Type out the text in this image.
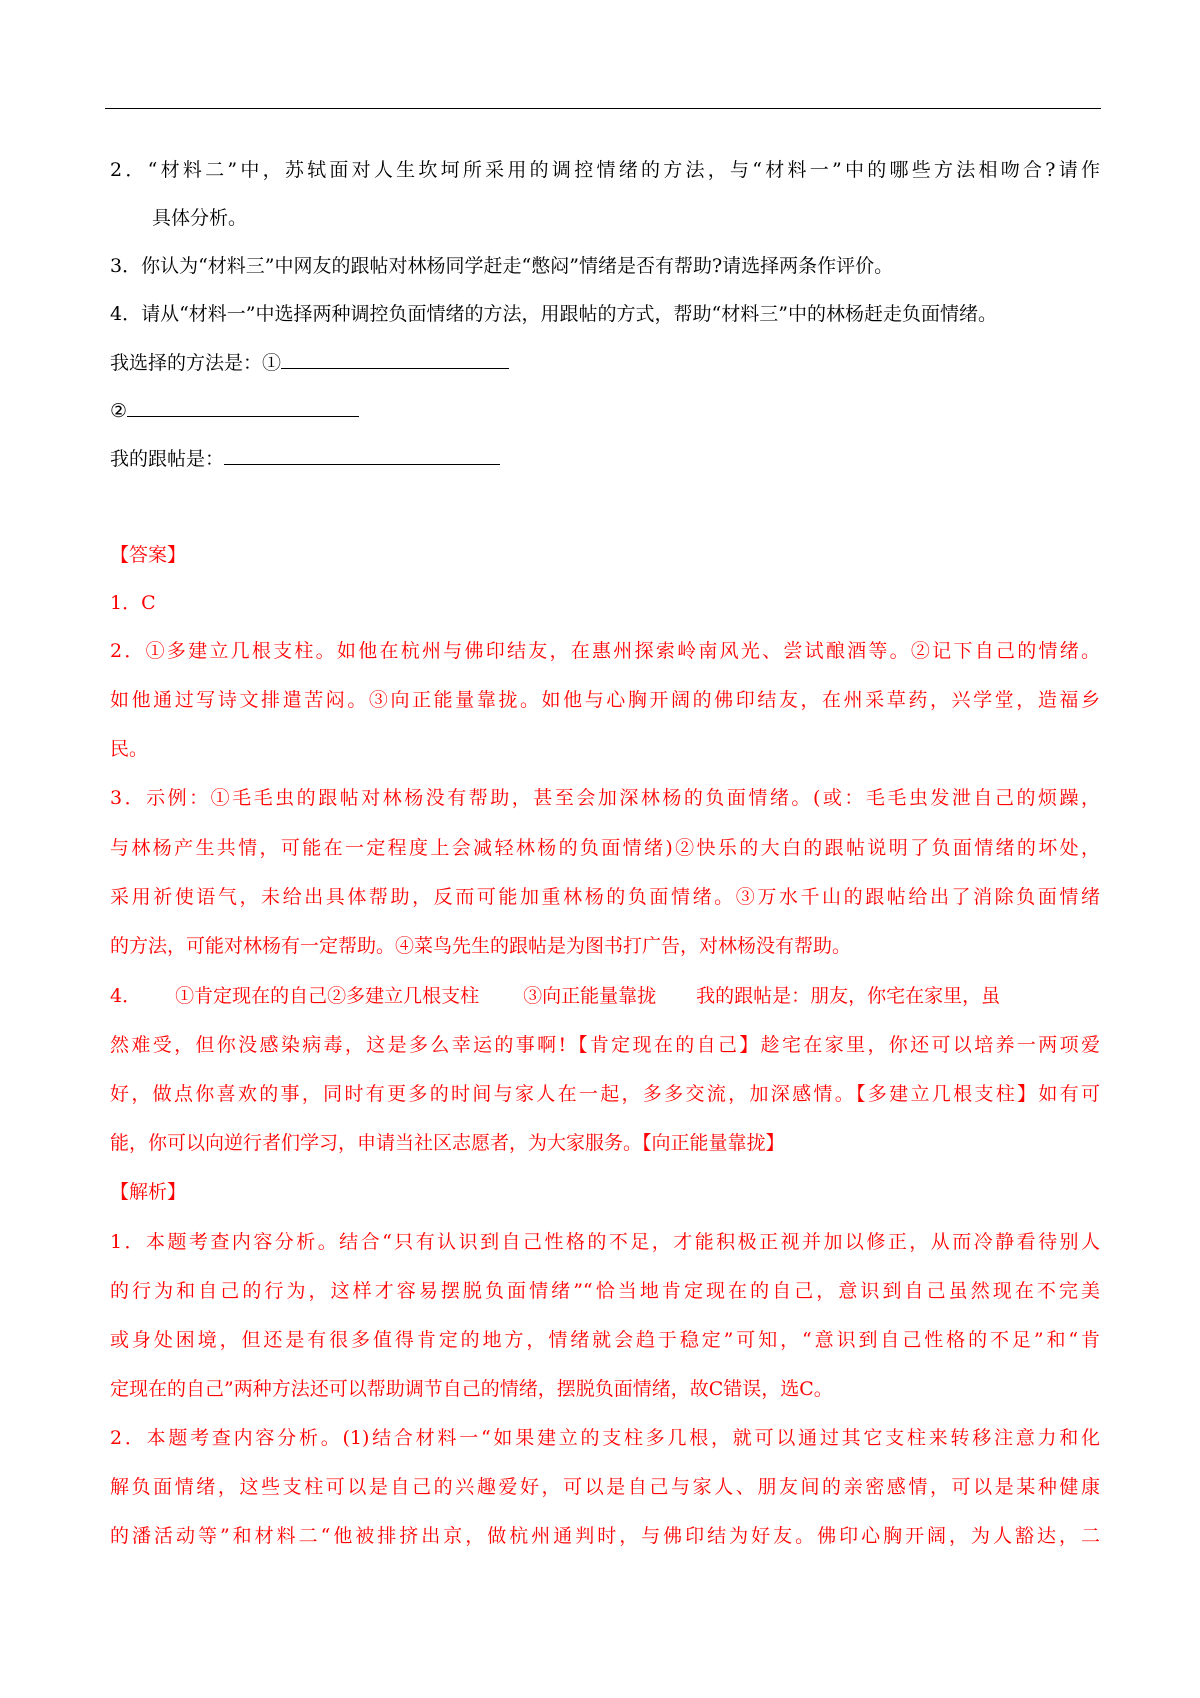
2．“材料二”中，苏轼面对人生坎坷所采用的调控情绪的方法，与“材料一”中的哪些方法相吻合?请作
具体分析。
3．你认为“材料三”中网友的跟帖对林杨同学赶走“憋闷”情绪是否有帮助?请选择两条作评价。
4．请从“材料一”中选择两种调控负面情绪的方法，用跟帖的方式，帮助“材料三”中的林杨赶走负面情绪。
我选择的方法是：①
②
我的跟帖是：
【答案】
1．C
2．①多建立几根支柱。如他在杭州与佛印结友，在惠州探索岭南风光、尝试酿酒等。②记下自己的情绪。
如他通过写诗文排遣苦闷。③向正能量靠拢。如他与心胸开阔的佛印结友，在州采草药，兴学堂，造福乡
民。
3．示例：①毛毛虫的跟帖对林杨没有帮助，甚至会加深林杨的负面情绪。(或：毛毛虫发泄自己的烦躁，
与林杨产生共情，可能在一定程度上会减轻林杨的负面情绪)②快乐的大白的跟帖说明了负面情绪的坏处，
采用祈使语气，未给出具体帮助，反而可能加重林杨的负面情绪。③万水千山的跟帖给出了消除负面情绪
的方法，可能对林杨有一定帮助。④菜鸟先生的跟帖是为图书打广告，对林杨没有帮助。
4． ①肯定现在的自己②多建立几根支柱 ③向正能量靠拢 我的跟帖是：朋友，你宅在家里，虽
然难受，但你没感染病毒，这是多么幸运的事啊!【肯定现在的自己】趁宅在家里，你还可以培养一两项爱
好，做点你喜欢的事，同时有更多的时间与家人在一起，多多交流，加深感情。【多建立几根支柱】如有可
能，你可以向逆行者们学习，申请当社区志愿者，为大家服务。【向正能量靠拢】
【解析】
1．本题考查内容分析。结合“只有认识到自己性格的不足，才能积极正视并加以修正，从而冷静看待别人
的行为和自己的行为，这样才容易摆脱负面情绪”“恰当地肯定现在的自己，意识到自己虽然现在不完美
或身处困境，但还是有很多值得肯定的地方，情绪就会趋于稳定”可知，“意识到自己性格的不足”和“肯
定现在的自己”两种方法还可以帮助调节自己的情绪，摆脱负面情绪，故C错误，选C。
2．本题考查内容分析。(1)结合材料一“如果建立的支柱多几根，就可以通过其它支柱来转移注意力和化
解负面情绪，这些支柱可以是自己的兴趣爱好，可以是自己与家人、朋友间的亲密感情，可以是某种健康
的潘活动等”和材料二“他被排挤出京，做杭州通判时，与佛印结为好友。佛印心胸开阔，为人豁达，二
